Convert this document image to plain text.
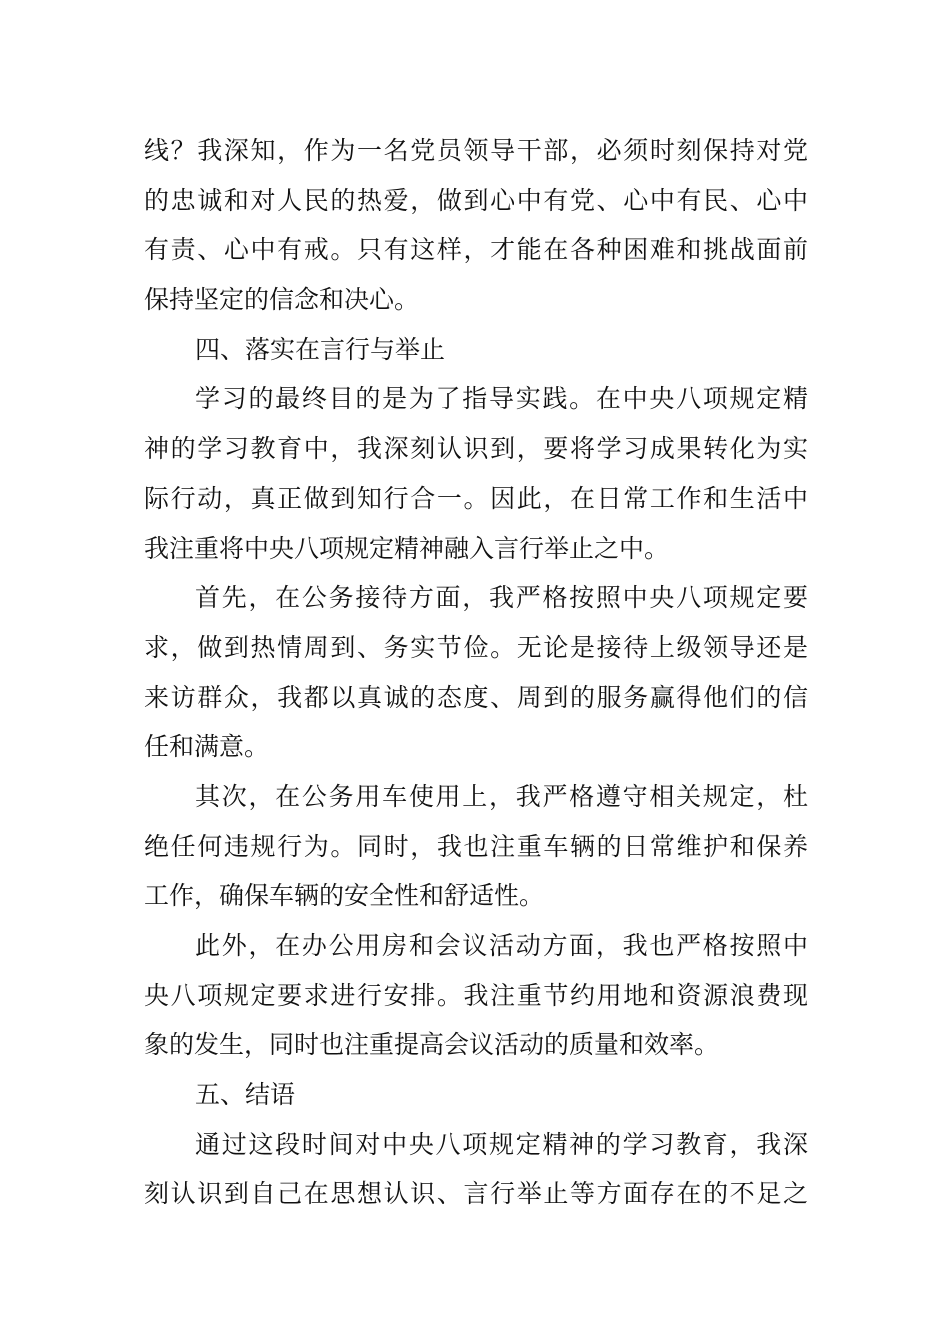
线？我深知，作为一名党员领导干部，必须时刻保持对党
的忠诚和对人民的热爱，做到心中有党、心中有民、心中
有责、心中有戒。只有这样，才能在各种困难和挑战面前
保持坚定的信念和决心。
四、落实在言行与举止
学习的最终目的是为了指导实践。在中央八项规定精
神的学习教育中，我深刻认识到，要将学习成果转化为实
际行动，真正做到知行合一。因此，在日常工作和生活中
我注重将中央八项规定精神融入言行举止之中。
首先，在公务接待方面，我严格按照中央八项规定要
求，做到热情周到、务实节俭。无论是接待上级领导还是
来访群众，我都以真诚的态度、周到的服务赢得他们的信
任和满意。
其次，在公务用车使用上，我严格遵守相关规定，杜
绝任何违规行为。同时，我也注重车辆的日常维护和保养
工作，确保车辆的安全性和舒适性。
此外，在办公用房和会议活动方面，我也严格按照中
央八项规定要求进行安排。我注重节约用地和资源浪费现
象的发生，同时也注重提高会议活动的质量和效率。
五、结语
通过这段时间对中央八项规定精神的学习教育，我深
刻认识到自己在思想认识、言行举止等方面存在的不足之
